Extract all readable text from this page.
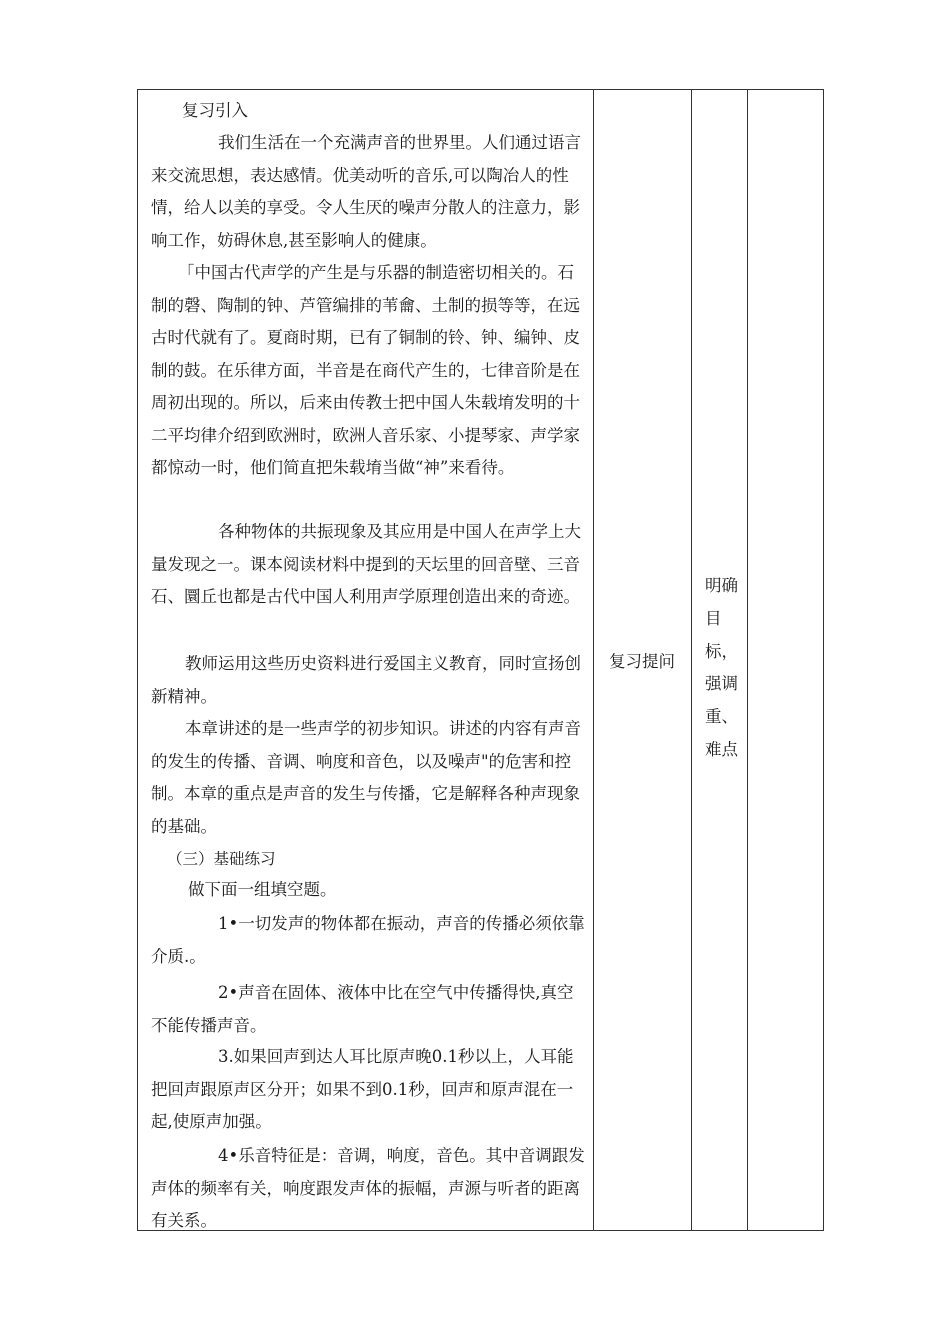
复习引入
我们生活在一个充满声音的世界里。人们通过语言来交流思想，表达感情。优美动听的音乐,可以陶冶人的性情，给人以美的享受。令人生厌的噪声分散人的注意力，影响工作，妨碍休息,甚至影响人的健康。
「中国古代声学的产生是与乐器的制造密切相关的。石制的磬、陶制的钟、芦管编排的苇龠、土制的损等等，在远古时代就有了。夏商时期，已有了铜制的铃、钟、编钟、皮制的鼓。在乐律方面，半音是在商代产生的，七律音阶是在周初出现的。所以，后来由传教士把中国人朱载堉发明的十二平均律介绍到欧洲时，欧洲人音乐家、小提琴家、声学家都惊动一时，他们简直把朱载堉当做“神”来看待。
各种物体的共振现象及其应用是中国人在声学上大量发现之一。课本阅读材料中提到的天坛里的回音壁、三音石、圜丘也都是古代中国人利用声学原理创造出来的奇迹。
教师运用这些历史资料进行爱国主义教育，同时宣扬创新精神。
本章讲述的是一些声学的初步知识。讲述的内容有声音的发生的传播、音调、响度和音色，以及噪声"的危害和控制。本章的重点是声音的发生与传播，它是解释各种声现象的基础。
（三）基础练习
做下面一组填空题。
1•一切发声的物体都在振动，声音的传播必须依靠介质.。
2•声音在固体、液体中比在空气中传播得快,真空不能传播声音。
3.如果回声到达人耳比原声晚0.1秒以上，人耳能把回声跟原声区分开；如果不到0.1秒，回声和原声混在一起,使原声加强。
4•乐音特征是：音调，响度，音色。其中音调跟发声体的频率有关，响度跟发声体的振幅，声源与听者的距离有关系。
复习提问
明确
目
标，
强调
重、
难点
